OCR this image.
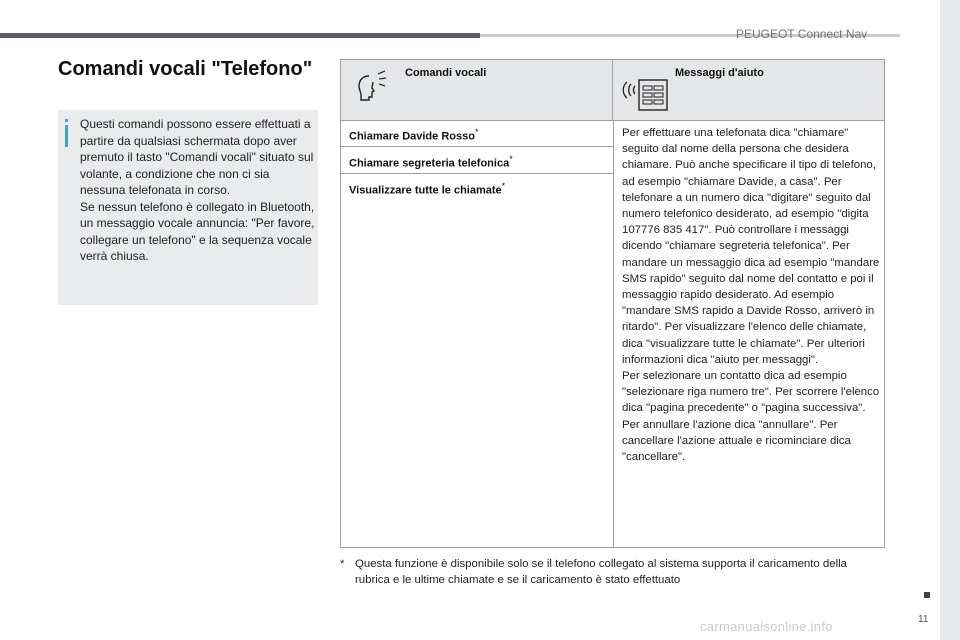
PEUGEOT Connect Nav
Comandi vocali "Telefono"
Questi comandi possono essere effettuati a partire da qualsiasi schermata dopo aver premuto il tasto "Comandi vocali" situato sul volante, a condizione che non ci sia nessuna telefonata in corso.
Se nessun telefono è collegato in Bluetooth, un messaggio vocale annuncia: "Per favore, collegare un telefono" e la sequenza vocale verrà chiusa.
Comandi vocali	Messaggi d'aiuto
Chiamare Davide Rosso*
Chiamare segreteria telefonica*
Visualizzare tutte le chiamate*
Per effettuare una telefonata dica "chiamare" seguito dal nome della persona che desidera chiamare. Può anche specificare il tipo di telefono, ad esempio "chiamare Davide, a casa". Per telefonare a un numero dica "digitare" seguito dal numero telefonico desiderato, ad esempio "digita 107776 835 417". Può controllare i messaggi dicendo "chiamare segreteria telefonica". Per mandare un messaggio dica ad esempio "mandare SMS rapido" seguito dal nome del contatto e poi il messaggio rapido desiderato. Ad esempio "mandare SMS rapido a Davide Rosso, arriverò in ritardo". Per visualizzare l'elenco delle chiamate, dica "visualizzare tutte le chiamate". Per ulteriori informazioni dica "aiuto per messaggi".
Per selezionare un contatto dica ad esempio "selezionare riga numero tre". Per scorrere l'elenco dica "pagina precedente" o "pagina successiva". Per annullare l'azione dica "annullare". Per cancellare l'azione attuale e ricominciare dica "cancellare".
* Questa funzione è disponibile solo se il telefono collegato al sistema supporta il caricamento della rubrica e le ultime chiamate e se il caricamento è stato effettuato
11
carmanualsonline.info
